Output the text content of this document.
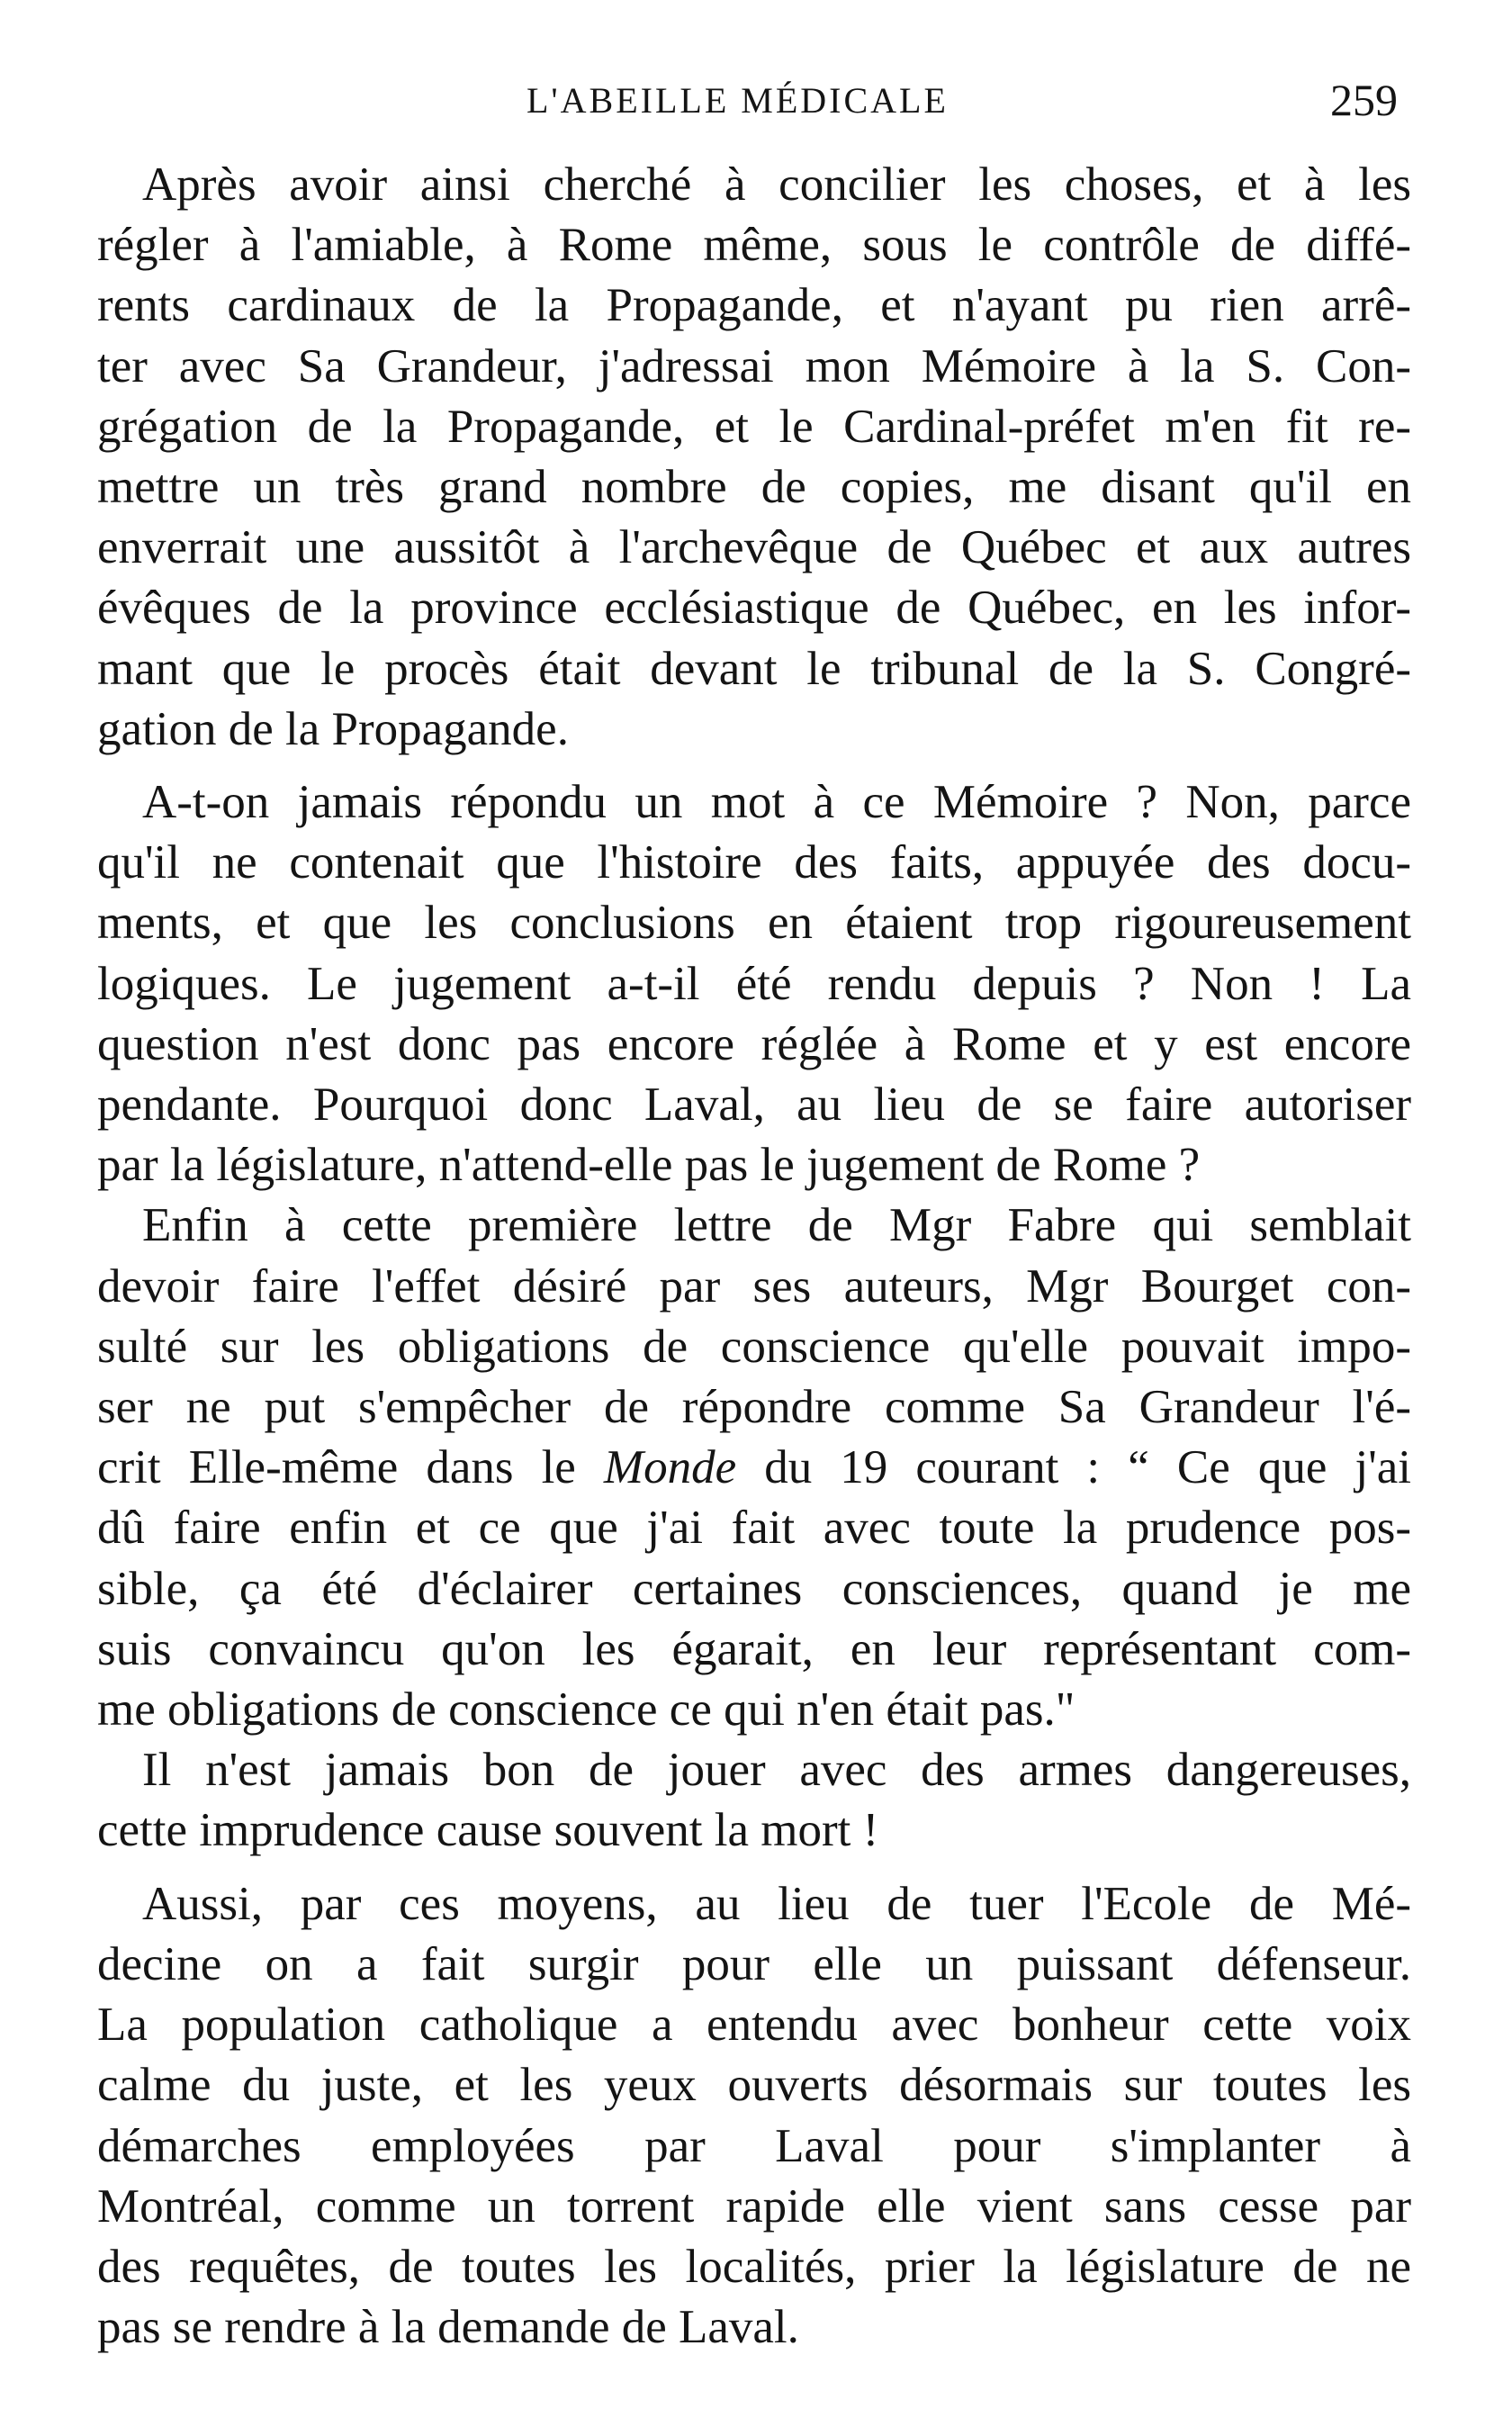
L'ABEILLE MÉDICALE	259

Après avoir ainsi cherché à concilier les choses, et à les
régler à l'amiable, à Rome même, sous le contrôle de diffé-
rents cardinaux de la Propagande, et n'ayant pu rien arrê-
ter avec Sa Grandeur, j'adressai mon Mémoire à la S. Con-
grégation de la Propagande, et le Cardinal-préfet m'en fit re-
mettre un très grand nombre de copies, me disant qu'il en
enverrait une aussitôt à l'archevêque de Québec et aux autres
évêques de la province ecclésiastique de Québec, en les infor-
mant que le procès était devant le tribunal de la S. Congré-
gation de la Propagande.

A-t-on jamais répondu un mot à ce Mémoire ? Non, parce
qu'il ne contenait que l'histoire des faits, appuyée des docu-
ments, et que les conclusions en étaient trop rigoureusement
logiques. Le jugement a-t-il été rendu depuis ? Non ! La
question n'est donc pas encore réglée à Rome et y est encore
pendante. Pourquoi donc Laval, au lieu de se faire autoriser
par la législature, n'attend-elle pas le jugement de Rome ?

Enfin à cette première lettre de Mgr Fabre qui semblait
devoir faire l'effet désiré par ses auteurs, Mgr Bourget con-
sulté sur les obligations de conscience qu'elle pouvait impo-
ser ne put s'empêcher de répondre comme Sa Grandeur l'é-
crit Elle-même dans le Monde du 19 courant : “ Ce que j'ai
dû faire enfin et ce que j'ai fait avec toute la prudence pos-
sible, ça été d'éclairer certaines consciences, quand je me
suis convaincu qu'on les égarait, en leur représentant com-
me obligations de conscience ce qui n'en était pas."

Il n'est jamais bon de jouer avec des armes dangereuses,
cette imprudence cause souvent la mort !

Aussi, par ces moyens, au lieu de tuer l'Ecole de Mé-
decine on a fait surgir pour elle un puissant défenseur.
La population catholique a entendu avec bonheur cette voix
calme du juste, et les yeux ouverts désormais sur toutes les
démarches employées par Laval pour s'implanter à
Montréal, comme un torrent rapide elle vient sans cesse par
des requêtes, de toutes les localités, prier la législature de ne
pas se rendre à la demande de Laval.
